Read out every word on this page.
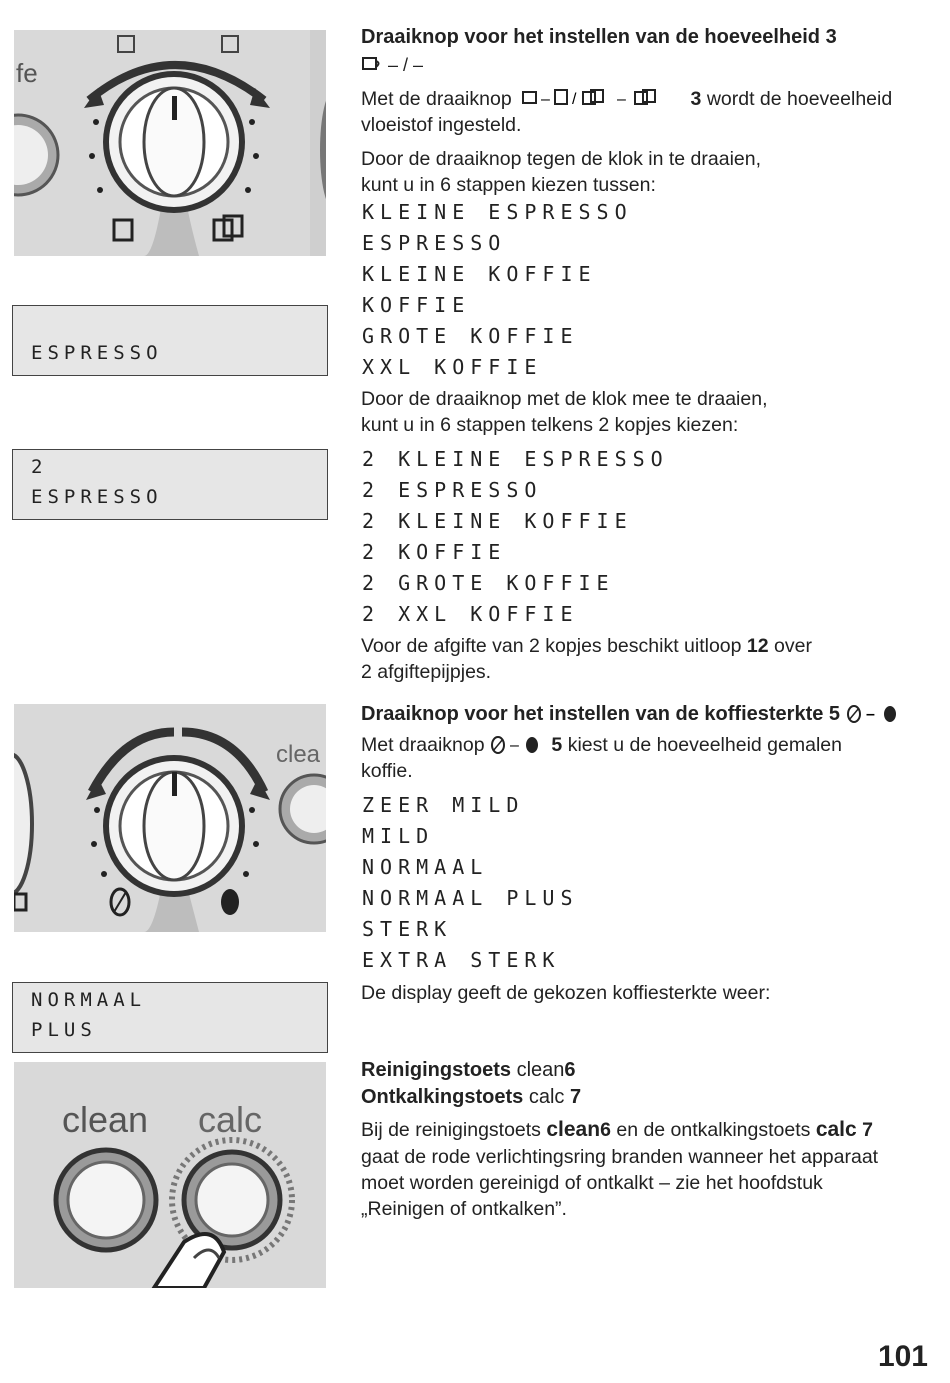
fe
ESPRESSO
2
ESPRESSO
clea
NORMAAL
PLUS
clean calc
Draaiknop voor het instellen van de hoeveelheid 3
– / –
Met de draaiknop – /	–	3 wordt de hoeveelheid
vloeistof ingesteld.
Door de draaiknop tegen de klok in te draaien,
kunt u in 6 stappen kiezen tussen:
KLEINE ESPRESSO
ESPRESSO
KLEINE KOFFIE
KOFFIE
GROTE KOFFIE
XXL KOFFIE
Door de draaiknop met de klok mee te draaien,
kunt u in 6 stappen telkens 2 kopjes kiezen:
2 KLEINE ESPRESSO
2 ESPRESSO
2 KLEINE KOFFIE
2 KOFFIE
2 GROTE KOFFIE
2 XXL KOFFIE
Voor de afgifte van 2 kopjes beschikt uitloop 12 over
2 afgiftepijpjes.
Draaiknop voor het instellen van de koffiesterkte 5 –
Met draaiknop – 5 kiest u de hoeveelheid gemalen
koffie.
ZEER MILD
MILD
NORMAAL
NORMAAL PLUS
STERK
EXTRA STERK
De display geeft de gekozen koffiesterkte weer:
Reinigingstoets clean6
Ontkalkingstoets calc 7
Bij de reinigingstoets clean6 en de ontkalkingstoets calc 7
gaat de rode verlichtingsring branden wanneer het apparaat
moet worden gereinigd of ontkalkt – zie het hoofdstuk
„Reinigen of ontkalken”.
101
